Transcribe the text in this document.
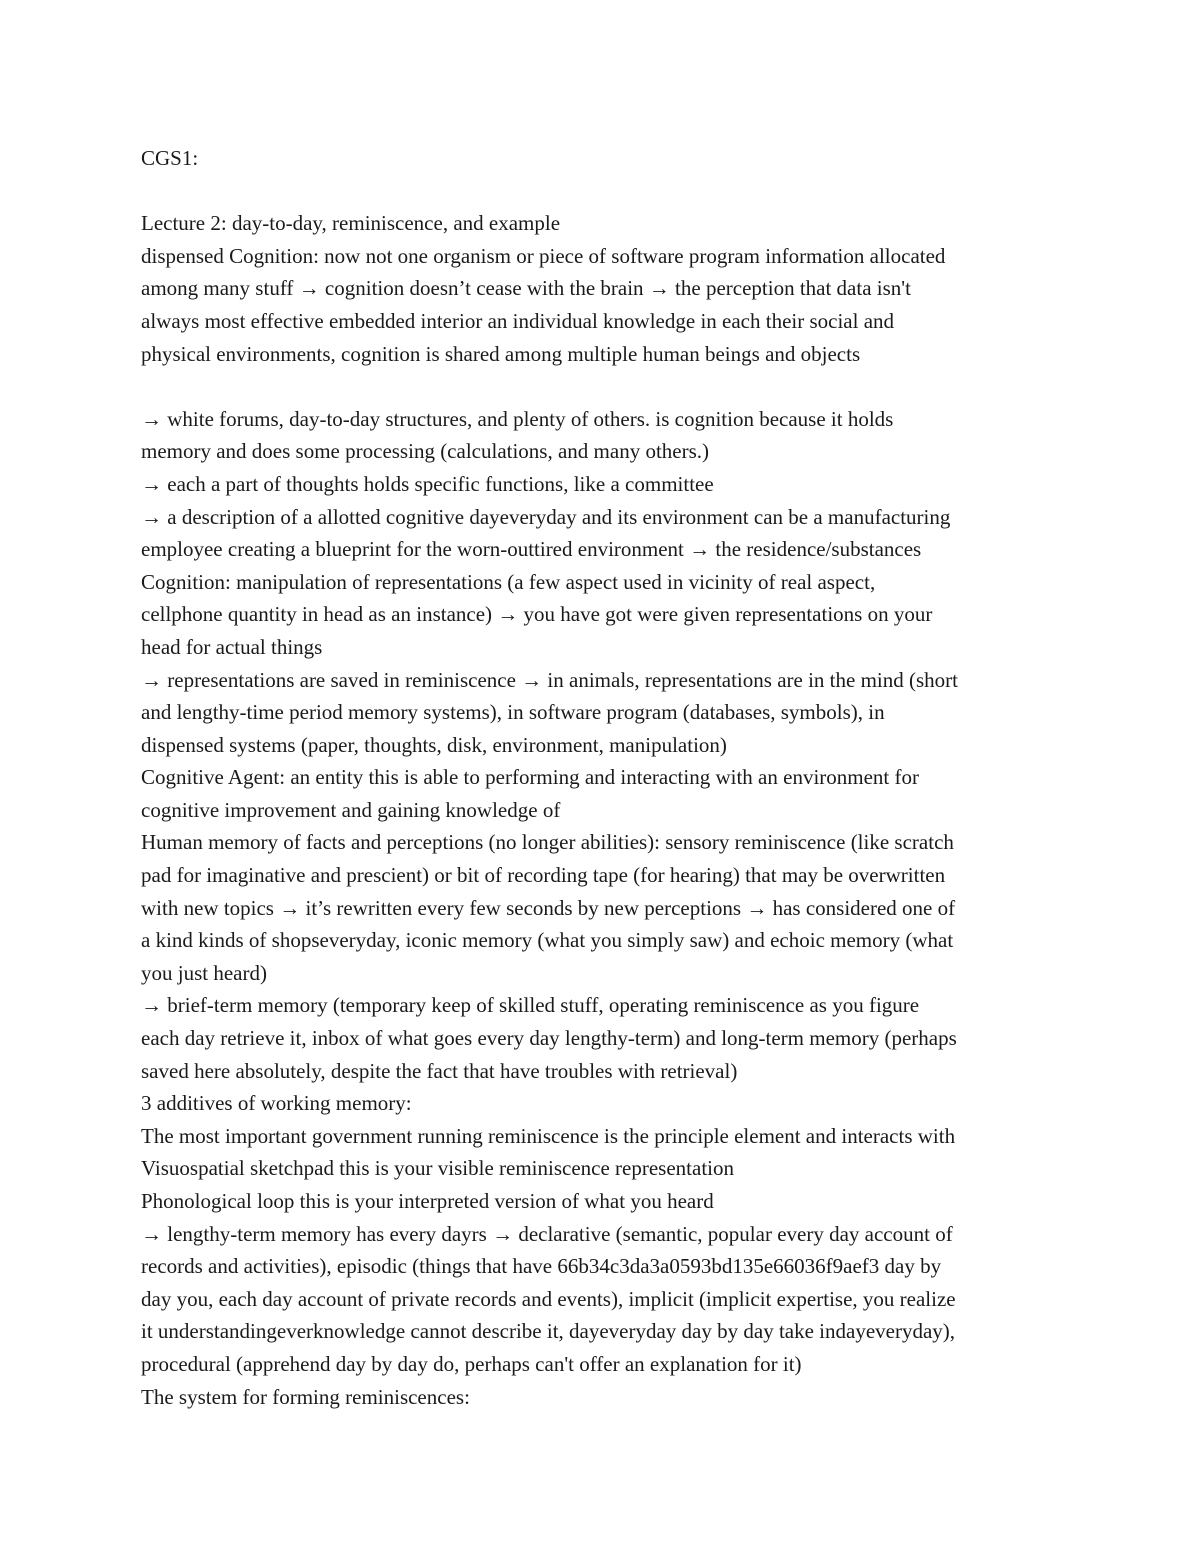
CGS1:
Lecture 2: day-to-day, reminiscence, and example
dispensed Cognition: now not one organism or piece of software program information allocated
among many stuff → cognition doesn’t cease with the brain → the perception that data isn't
always most effective embedded interior an individual knowledge in each their social and
physical environments, cognition is shared among multiple human beings and objects
→ white forums, day-to-day structures, and plenty of others. is cognition because it holds
memory and does some processing (calculations, and many others.)
→ each a part of thoughts holds specific functions, like a committee
→ a description of a allotted cognitive dayeveryday and its environment can be a manufacturing
employee creating a blueprint for the worn-outtired environment → the residence/substances
Cognition: manipulation of representations (a few aspect used in vicinity of real aspect,
cellphone quantity in head as an instance) → you have got were given representations on your
head for actual things
→ representations are saved in reminiscence → in animals, representations are in the mind (short
and lengthy-time period memory systems), in software program (databases, symbols), in
dispensed systems (paper, thoughts, disk, environment, manipulation)
Cognitive Agent: an entity this is able to performing and interacting with an environment for
cognitive improvement and gaining knowledge of
Human memory of facts and perceptions (no longer abilities): sensory reminiscence (like scratch
pad for imaginative and prescient) or bit of recording tape (for hearing) that may be overwritten
with new topics → it’s rewritten every few seconds by new perceptions → has considered one of
a kind kinds of shopseveryday, iconic memory (what you simply saw) and echoic memory (what
you just heard)
→ brief-term memory (temporary keep of skilled stuff, operating reminiscence as you figure
each day retrieve it, inbox of what goes every day lengthy-term) and long-term memory (perhaps
saved here absolutely, despite the fact that have troubles with retrieval)
3 additives of working memory:
The most important government running reminiscence is the principle element and interacts with
Visuospatial sketchpad this is your visible reminiscence representation
Phonological loop this is your interpreted version of what you heard
→ lengthy-term memory has every dayrs → declarative (semantic, popular every day account of
records and activities), episodic (things that have 66b34c3da3a0593bd135e66036f9aef3 day by
day you, each day account of private records and events), implicit (implicit expertise, you realize
it understandingeverknowledge cannot describe it, dayeveryday day by day take indayeveryday),
procedural (apprehend day by day do, perhaps can't offer an explanation for it)
The system for forming reminiscences:
